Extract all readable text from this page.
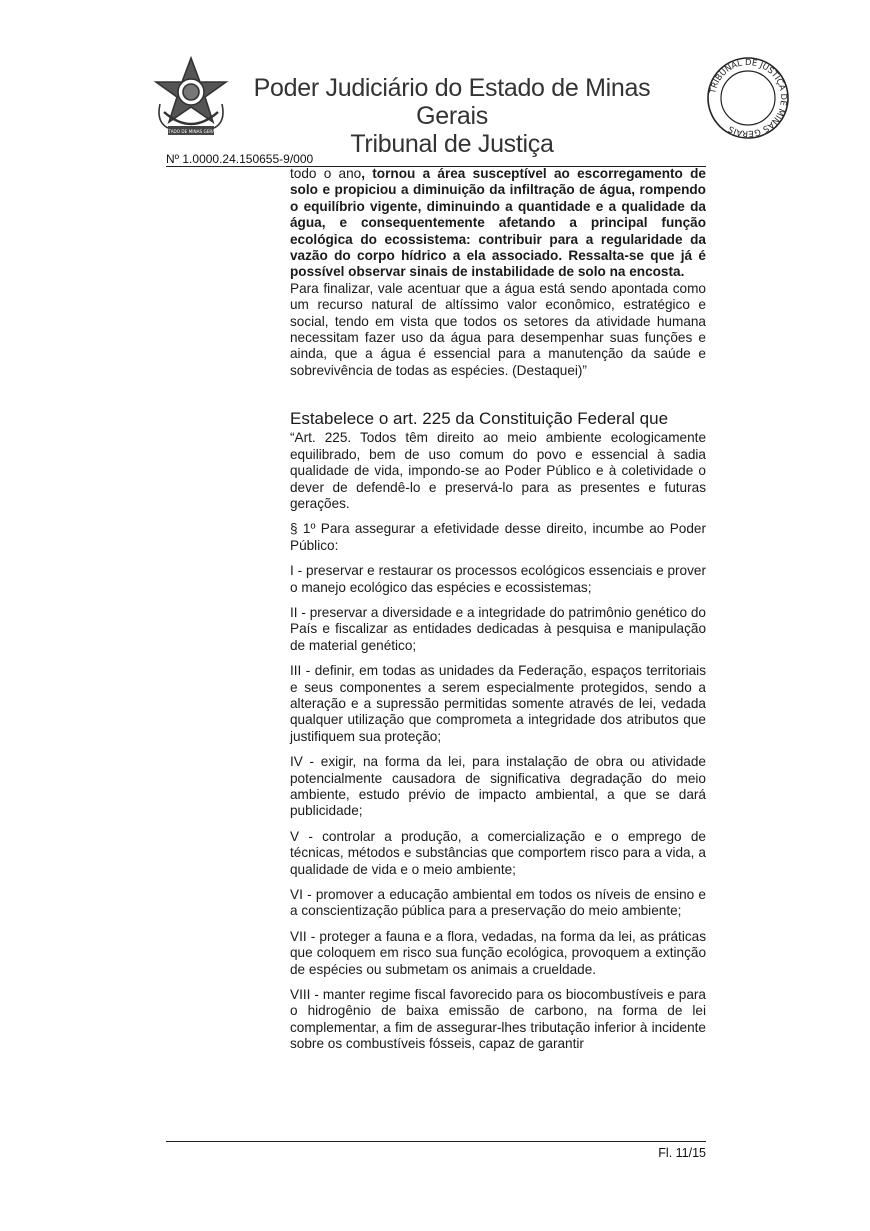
ESTADO DE MINAS GERAIS
Poder Judiciário do Estado de Minas Gerais
Tribunal de Justiça
TRIBUNAL DE JUSTIÇA DE MINAS GERAIS
Nº 1.0000.24.150655-9/000

todo o ano, tornou a área susceptível ao escorregamento de solo e propiciou a diminuição da infiltração de água, rompendo o equilíbrio vigente, diminuindo a quantidade e a qualidade da água, e consequentemente afetando a principal função ecológica do ecossistema: contribuir para a regularidade da vazão do corpo hídrico a ela associado. Ressalta-se que já é possível observar sinais de instabilidade de solo na encosta.

Para finalizar, vale acentuar que a água está sendo apontada como um recurso natural de altíssimo valor econômico, estratégico e social, tendo em vista que todos os setores da atividade humana necessitam fazer uso da água para desempenhar suas funções e ainda, que a água é essencial para a manutenção da saúde e sobrevivência de todas as espécies. (Destaquei)”

Estabelece o art. 225 da Constituição Federal que

“Art. 225. Todos têm direito ao meio ambiente ecologicamente equilibrado, bem de uso comum do povo e essencial à sadia qualidade de vida, impondo-se ao Poder Público e à coletividade o dever de defendê-lo e preservá-lo para as presentes e futuras gerações.

§ 1º Para assegurar a efetividade desse direito, incumbe ao Poder Público:

I - preservar e restaurar os processos ecológicos essenciais e prover o manejo ecológico das espécies e ecossistemas;

II - preservar a diversidade e a integridade do patrimônio genético do País e fiscalizar as entidades dedicadas à pesquisa e manipulação de material genético;

III - definir, em todas as unidades da Federação, espaços territoriais e seus componentes a serem especialmente protegidos, sendo a alteração e a supressão permitidas somente através de lei, vedada qualquer utilização que comprometa a integridade dos atributos que justifiquem sua proteção;

IV - exigir, na forma da lei, para instalação de obra ou atividade potencialmente causadora de significativa degradação do meio ambiente, estudo prévio de impacto ambiental, a que se dará publicidade;

V - controlar a produção, a comercialização e o emprego de técnicas, métodos e substâncias que comportem risco para a vida, a qualidade de vida e o meio ambiente;

VI - promover a educação ambiental em todos os níveis de ensino e a conscientização pública para a preservação do meio ambiente;

VII - proteger a fauna e a flora, vedadas, na forma da lei, as práticas que coloquem em risco sua função ecológica, provoquem a extinção de espécies ou submetam os animais a crueldade.

VIII - manter regime fiscal favorecido para os biocombustíveis e para o hidrogênio de baixa emissão de carbono, na forma de lei complementar, a fim de assegurar-lhes tributação inferior à incidente sobre os combustíveis fósseis, capaz de garantir

Fl. 11/15
